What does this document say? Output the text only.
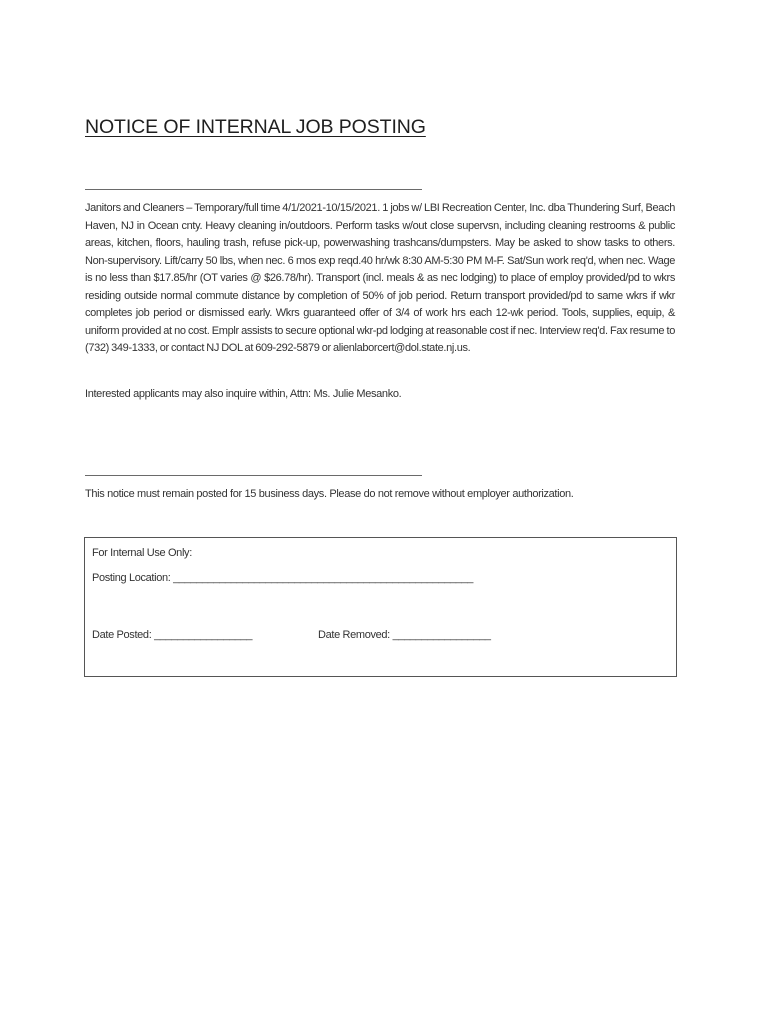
NOTICE OF INTERNAL JOB POSTING

Janitors and Cleaners – Temporary/full time 4/1/2021-10/15/2021. 1 jobs w/ LBI Recreation Center, Inc. dba Thundering Surf, Beach Haven, NJ in Ocean cnty. Heavy cleaning in/outdoors. Perform tasks w/out close supervsn, including cleaning restrooms & public areas, kitchen, floors, hauling trash, refuse pick-up, powerwashing trashcans/dumpsters. May be asked to show tasks to others. Non-supervisory. Lift/carry 50 lbs, when nec. 6 mos exp reqd.40 hr/wk 8:30 AM-5:30 PM M-F. Sat/Sun work req'd, when nec. Wage is no less than $17.85/hr (OT varies @ $26.78/hr). Transport (incl. meals & as nec lodging) to place of employ provided/pd to wkrs residing outside normal commute distance by completion of 50% of job period. Return transport provided/pd to same wkrs if wkr completes job period or dismissed early. Wkrs guaranteed offer of 3/4 of work hrs each 12-wk period. Tools, supplies, equip, & uniform provided at no cost. Emplr assists to secure optional wkr-pd lodging at reasonable cost if nec. Interview req'd. Fax resume to (732) 349-1333, or contact NJ DOL at 609-292-5879 or alienlaborcert@dol.state.nj.us.

Interested applicants may also inquire within, Attn: Ms. Julie Mesanko.

This notice must remain posted for 15 business days. Please do not remove without employer authorization.

For Internal Use Only:
Posting Location: ____________________________________________________
Date Posted: _________________	Date Removed: _________________
